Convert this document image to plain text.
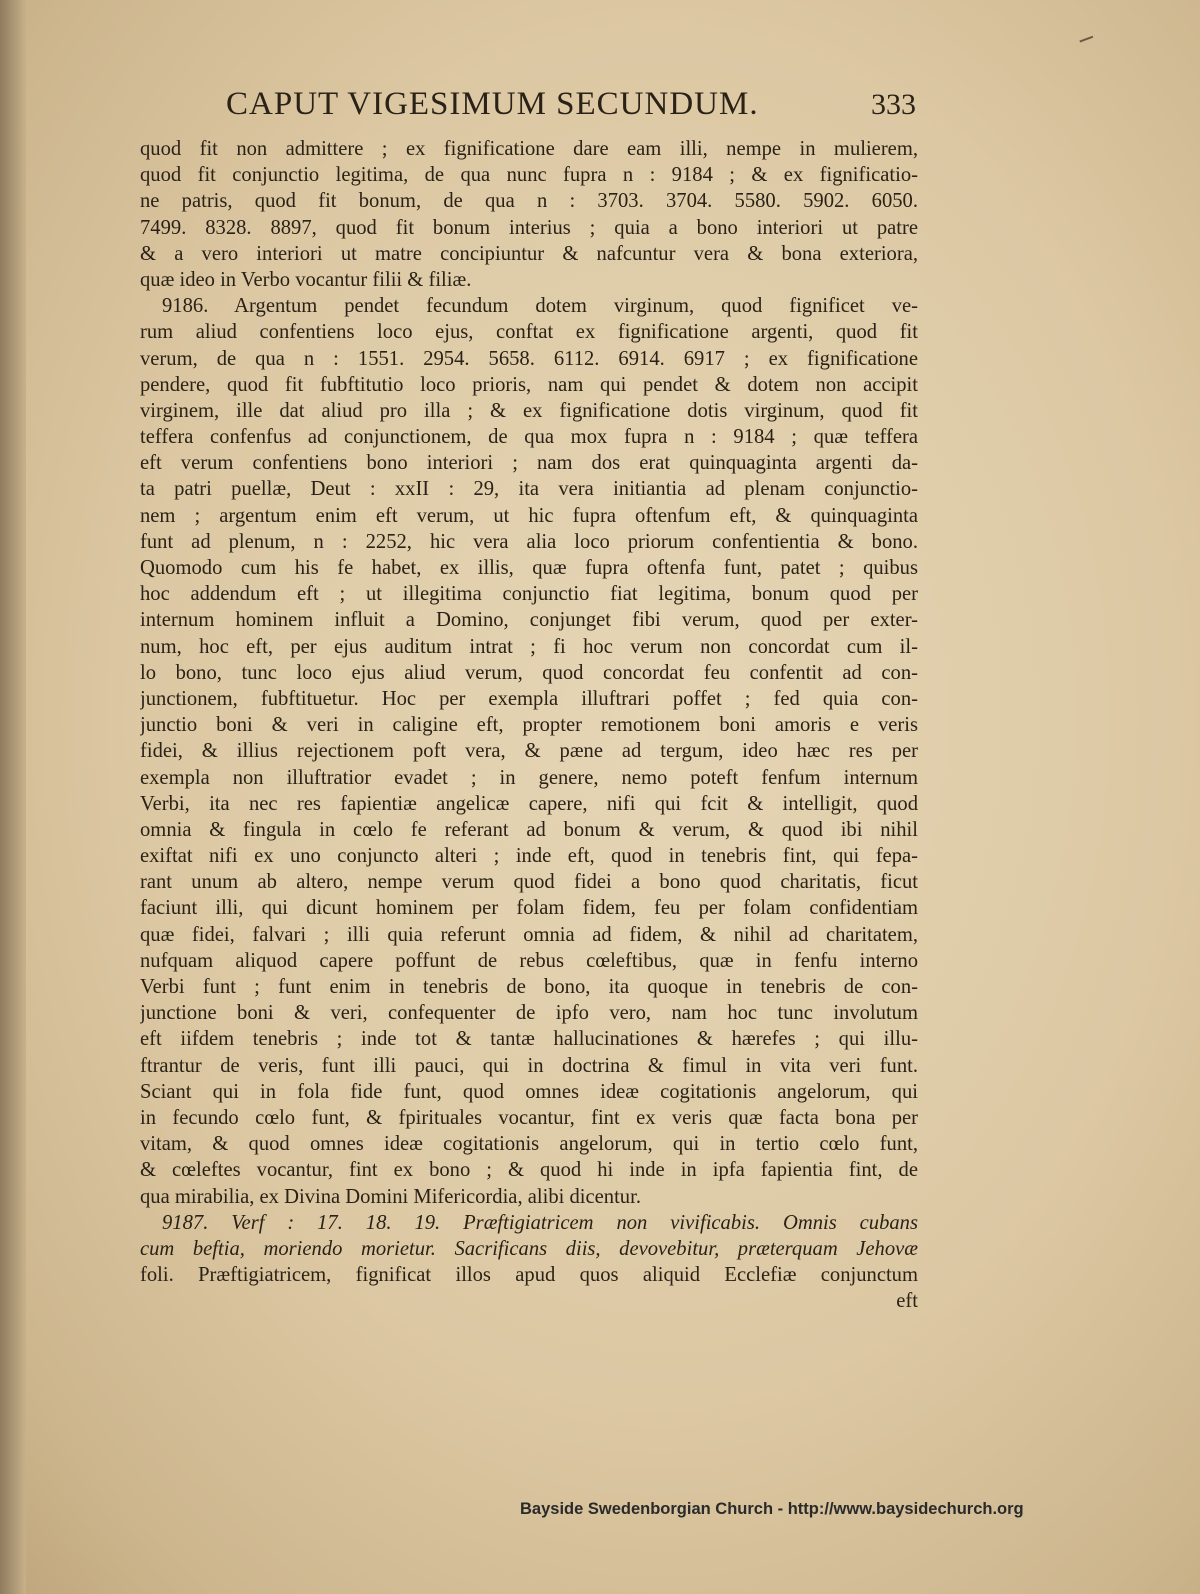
CAPUT VIGESIMUM SECUNDUM.	333
quod fit non admittere ; ex fignificatione dare eam illi, nempe in mulierem,
quod fit conjunctio legitima, de qua nunc fupra n : 9184 ; & ex fignificatio-
ne patris, quod fit bonum, de qua n : 3703. 3704. 5580. 5902. 6050.
7499. 8328. 8897, quod fit bonum interius ; quia a bono interiori ut patre
& a vero interiori ut matre concipiuntur & nafcuntur vera & bona exteriora,
quæ ideo in Verbo vocantur filii & filiæ.
9186. Argentum pendet fecundum dotem virginum, quod fignificet ve-
rum aliud confentiens loco ejus, conftat ex fignificatione argenti, quod fit
verum, de qua n : 1551. 2954. 5658. 6112. 6914. 6917 ; ex fignificatione
pendere, quod fit fubftitutio loco prioris, nam qui pendet & dotem non accipit
virginem, ille dat aliud pro illa ; & ex fignificatione dotis virginum, quod fit
teffera confenfus ad conjunctionem, de qua mox fupra n : 9184 ; quæ teffera
eft verum confentiens bono interiori ; nam dos erat quinquaginta argenti da-
ta patri puellæ, Deut : xxII : 29, ita vera initiantia ad plenam conjunctio-
nem ; argentum enim eft verum, ut hic fupra oftenfum eft, & quinquaginta
funt ad plenum, n : 2252, hic vera alia loco priorum confentientia & bono.
Quomodo cum his fe habet, ex illis, quæ fupra oftenfa funt, patet ; quibus
hoc addendum eft ; ut illegitima conjunctio fiat legitima, bonum quod per
internum hominem influit a Domino, conjunget fibi verum, quod per exter-
num, hoc eft, per ejus auditum intrat ; fi hoc verum non concordat cum il-
lo bono, tunc loco ejus aliud verum, quod concordat feu confentit ad con-
junctionem, fubftituetur. Hoc per exempla illuftrari poffet ; fed quia con-
junctio boni & veri in caligine eft, propter remotionem boni amoris e veris
fidei, & illius rejectionem poft vera, & pæne ad tergum, ideo hæc res per
exempla non illuftratior evadet ; in genere, nemo poteft fenfum internum
Verbi, ita nec res fapientiæ angelicæ capere, nifi qui fcit & intelligit, quod
omnia & fingula in cœlo fe referant ad bonum & verum, & quod ibi nihil
exiftat nifi ex uno conjuncto alteri ; inde eft, quod in tenebris fint, qui fepa-
rant unum ab altero, nempe verum quod fidei a bono quod charitatis, ficut
faciunt illi, qui dicunt hominem per folam fidem, feu per folam confidentiam
quæ fidei, falvari ; illi quia referunt omnia ad fidem, & nihil ad charitatem,
nufquam aliquod capere poffunt de rebus cœleftibus, quæ in fenfu interno
Verbi funt ; funt enim in tenebris de bono, ita quoque in tenebris de con-
junctione boni & veri, confequenter de ipfo vero, nam hoc tunc involutum
eft iifdem tenebris ; inde tot & tantæ hallucinationes & hærefes ; qui illu-
ftrantur de veris, funt illi pauci, qui in doctrina & fimul in vita veri funt.
Sciant qui in fola fide funt, quod omnes ideæ cogitationis angelorum, qui
in fecundo cœlo funt, & fpirituales vocantur, fint ex veris quæ facta bona per
vitam, & quod omnes ideæ cogitationis angelorum, qui in tertio cœlo funt,
& cœleftes vocantur, fint ex bono ; & quod hi inde in ipfa fapientia fint, de
qua mirabilia, ex Divina Domini Mifericordia, alibi dicentur.
9187. Verf : 17. 18. 19. Præftigiatricem non vivificabis. Omnis cubans
cum beftia, moriendo morietur. Sacrificans diis, devovebitur, præterquam Jehovæ
foli. Præftigiatricem, fignificat illos apud quos aliquid Ecclefiæ conjunctum
eft
Bayside Swedenborgian Church - http://www.baysidechurch.org
